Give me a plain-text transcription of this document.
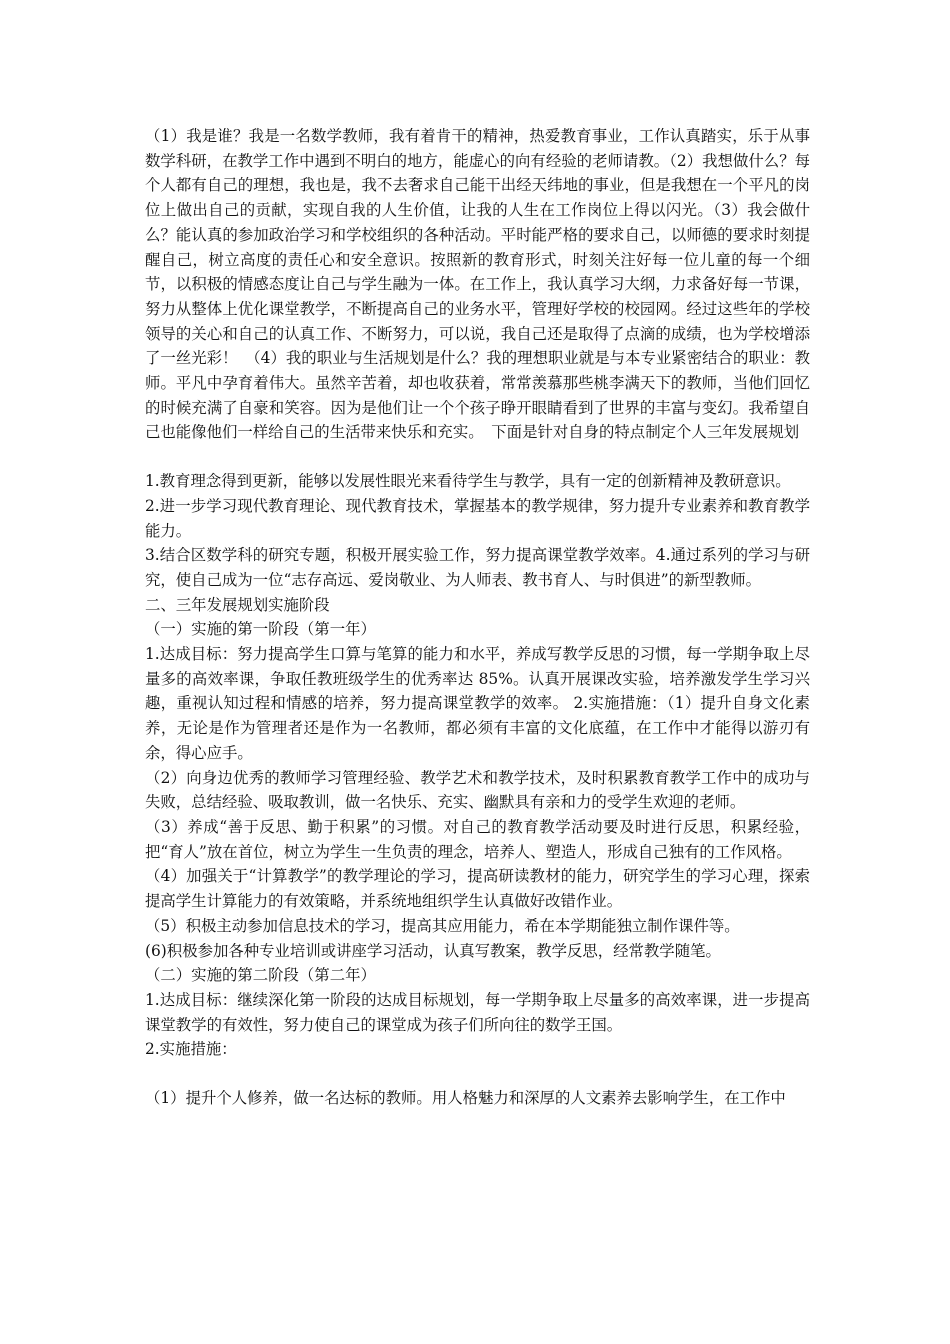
（1）我是谁？我是一名数学教师，我有着肯干的精神，热爱教育事业，工作认真踏实，乐于从事数学科研，在教学工作中遇到不明白的地方，能虚心的向有经验的老师请教。（2）我想做什么？每个人都有自己的理想，我也是，我不去奢求自己能干出经天纬地的事业，但是我想在一个平凡的岗位上做出自己的贡献，实现自我的人生价值，让我的人生在工作岗位上得以闪光。（3）我会做什么？能认真的参加政治学习和学校组织的各种活动。平时能严格的要求自己，以师德的要求时刻提醒自己，树立高度的责任心和安全意识。按照新的教育形式，时刻关注好每一位儿童的每一个细节，以积极的情感态度让自己与学生融为一体。在工作上，我认真学习大纲，力求备好每一节课，努力从整体上优化课堂教学，不断提高自己的业务水平，管理好学校的校园网。经过这些年的学校领导的关心和自己的认真工作、不断努力，可以说，我自己还是取得了点滴的成绩，也为学校增添了一丝光彩！　（4）我的职业与生活规划是什么？我的理想职业就是与本专业紧密结合的职业：教师。平凡中孕育着伟大。虽然辛苦着，却也收获着，常常羡慕那些桃李满天下的教师，当他们回忆的时候充满了自豪和笑容。因为是他们让一个个孩子睁开眼睛看到了世界的丰富与变幻。我希望自己也能像他们一样给自己的生活带来快乐和充实。　下面是针对自身的特点制定个人三年发展规划

1.教育理念得到更新，能够以发展性眼光来看待学生与教学，具有一定的创新精神及教研意识。

2.进一步学习现代教育理论、现代教育技术，掌握基本的教学规律，努力提升专业素养和教育教学能力。

3.结合区数学科的研究专题，积极开展实验工作，努力提高课堂教学效率。4.通过系列的学习与研究，使自己成为一位“志存高远、爱岗敬业、为人师表、教书育人、与时俱进”的新型教师。

二、三年发展规划实施阶段

（一）实施的第一阶段（第一年）

1.达成目标：努力提高学生口算与笔算的能力和水平，养成写教学反思的习惯，每一学期争取上尽量多的高效率课，争取任教班级学生的优秀率达 85%。认真开展课改实验，培养激发学生学习兴趣，重视认知过程和情感的培养，努力提高课堂教学的效率。 2.实施措施：（1）提升自身文化素养，无论是作为管理者还是作为一名教师，都必须有丰富的文化底蕴，在工作中才能得以游刃有余，得心应手。

（2）向身边优秀的教师学习管理经验、教学艺术和教学技术，及时积累教育教学工作中的成功与失败，总结经验、吸取教训，做一名快乐、充实、幽默具有亲和力的受学生欢迎的老师。

（3）养成“善于反思、勤于积累”的习惯。对自己的教育教学活动要及时进行反思，积累经验，把“育人”放在首位，树立为学生一生负责的理念，培养人、塑造人，形成自己独有的工作风格。

（4）加强关于“计算教学”的教学理论的学习，提高研读教材的能力，研究学生的学习心理，探索提高学生计算能力的有效策略，并系统地组织学生认真做好改错作业。

（5）积极主动参加信息技术的学习，提高其应用能力，希在本学期能独立制作课件等。

(6)积极参加各种专业培训或讲座学习活动，认真写教案，教学反思，经常教学随笔。

（二）实施的第二阶段（第二年）

1.达成目标：继续深化第一阶段的达成目标规划，每一学期争取上尽量多的高效率课，进一步提高课堂教学的有效性，努力使自己的课堂成为孩子们所向往的数学王国。

2.实施措施：

（1）提升个人修养，做一名达标的教师。用人格魅力和深厚的人文素养去影响学生，在工作中
